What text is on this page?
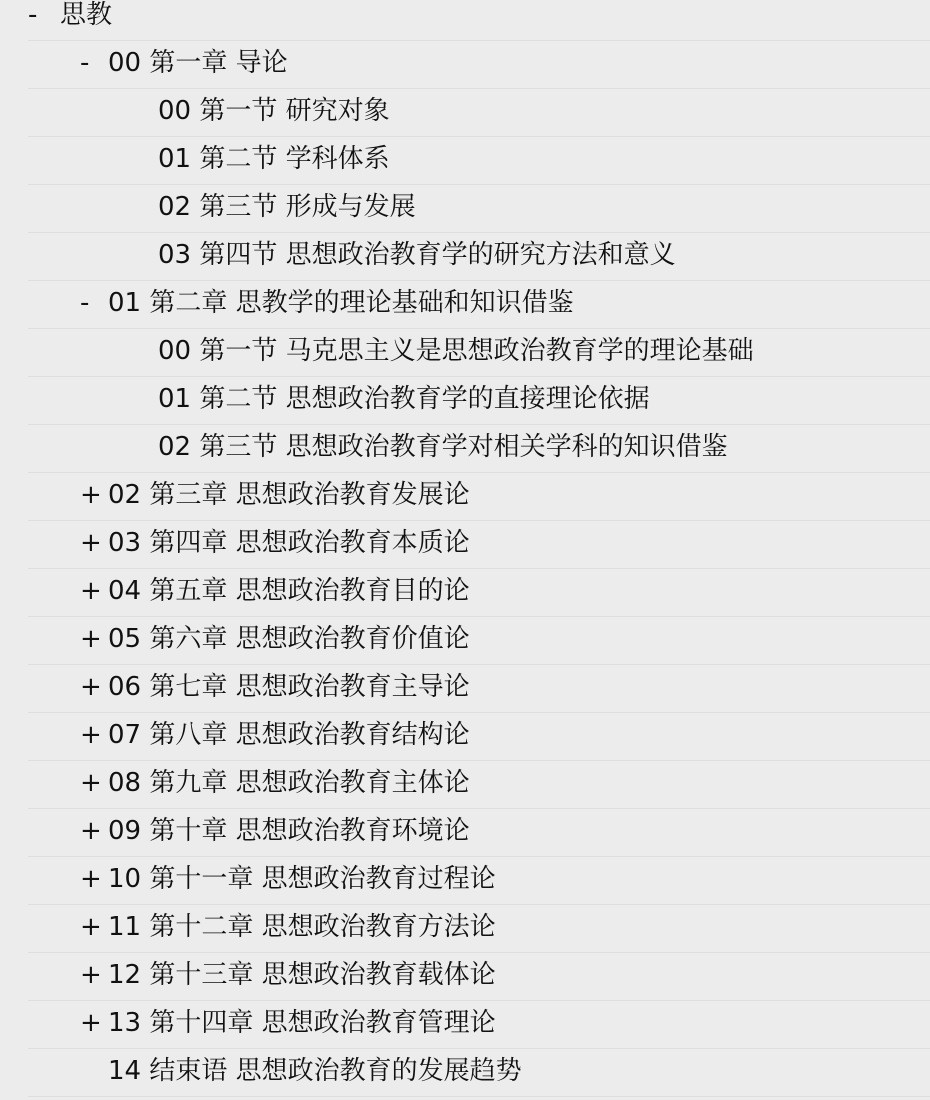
- 思教
- 00 第一章 导论
00 第一节 研究对象
01 第二节 学科体系
02 第三节 形成与发展
03 第四节 思想政治教育学的研究方法和意义
- 01 第二章 思教学的理论基础和知识借鉴
00 第一节 马克思主义是思想政治教育学的理论基础
01 第二节 思想政治教育学的直接理论依据
02 第三节 思想政治教育学对相关学科的知识借鉴
+ 02 第三章 思想政治教育发展论
+ 03 第四章 思想政治教育本质论
+ 04 第五章 思想政治教育目的论
+ 05 第六章 思想政治教育价值论
+ 06 第七章 思想政治教育主导论
+ 07 第八章 思想政治教育结构论
+ 08 第九章 思想政治教育主体论
+ 09 第十章 思想政治教育环境论
+ 10 第十一章 思想政治教育过程论
+ 11 第十二章 思想政治教育方法论
+ 12 第十三章 思想政治教育载体论
+ 13 第十四章 思想政治教育管理论
14 结束语 思想政治教育的发展趋势
